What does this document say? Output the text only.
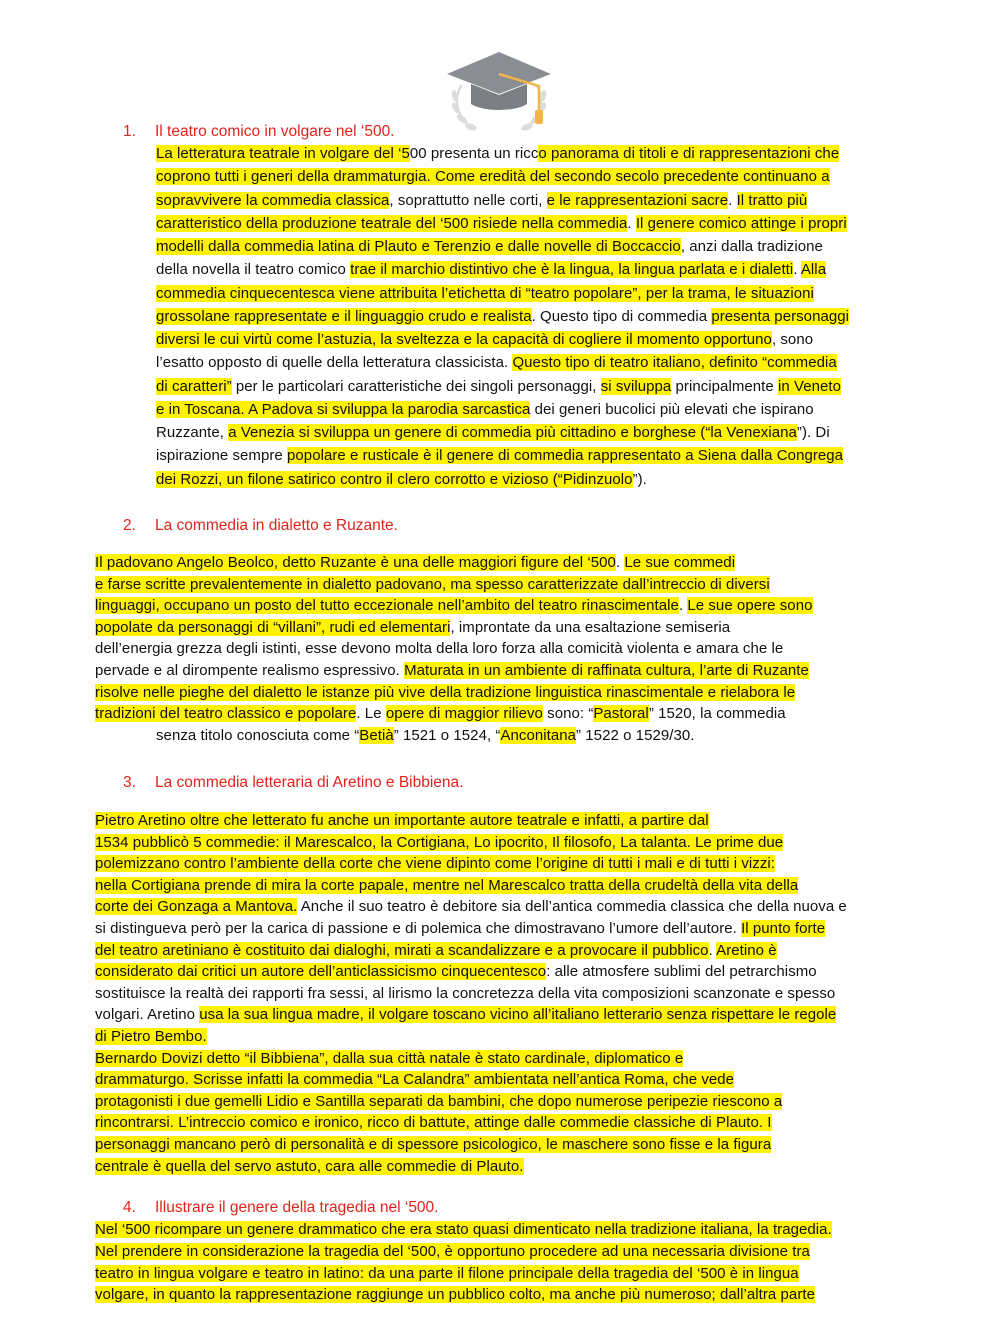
1. Il teatro comico in volgare nel ‘500.
La letteratura teatrale in volgare del ‘500 presenta un ricco panorama di titoli e di rappresentazioni che
coprono tutti i generi della drammaturgia. Come eredità del secondo secolo precedente continuano a
sopravvivere la commedia classica, soprattutto nelle corti, e le rappresentazioni sacre. Il tratto più
caratteristico della produzione teatrale del ‘500 risiede nella commedia. Il genere comico attinge i propri
modelli dalla commedia latina di Plauto e Terenzio e dalle novelle di Boccaccio, anzi dalla tradizione
della novella il teatro comico trae il marchio distintivo che è la lingua, la lingua parlata e i dialetti. Alla
commedia cinquecentesca viene attribuita l’etichetta di “teatro popolare”, per la trama, le situazioni
grossolane rappresentate e il linguaggio crudo e realista. Questo tipo di commedia presenta personaggi
diversi le cui virtù come l’astuzia, la sveltezza e la capacità di cogliere il momento opportuno, sono
l’esatto opposto di quelle della letteratura classicista. Questo tipo di teatro italiano, definito “commedia
di caratteri” per le particolari caratteristiche dei singoli personaggi, si sviluppa principalmente in Veneto
e in Toscana. A Padova si sviluppa la parodia sarcastica dei generi bucolici più elevati che ispirano
Ruzzante, a Venezia si sviluppa un genere di commedia più cittadino e borghese (“la Venexiana”). Di
ispirazione sempre popolare e rusticale è il genere di commedia rappresentato a Siena dalla Congrega
dei Rozzi, un filone satirico contro il clero corrotto e vizioso (“Pidinzuolo”).
2. La commedia in dialetto e Ruzante.
Il padovano Angelo Beolco, detto Ruzante è una delle maggiori figure del ‘500. Le sue commedi
e farse scritte prevalentemente in dialetto padovano, ma spesso caratterizzate dall’intreccio di diversi
linguaggi, occupano un posto del tutto eccezionale nell’ambito del teatro rinascimentale. Le sue opere sono
popolate da personaggi di “villani”, rudi ed elementari, improntate da una esaltazione semiseria
dell’energia grezza degli istinti, esse devono molta della loro forza alla comicità violenta e amara che le
pervade e al dirompente realismo espressivo. Maturata in un ambiente di raffinata cultura, l’arte di Ruzante
risolve nelle pieghe del dialetto le istanze più vive della tradizione linguistica rinascimentale e rielabora le
tradizioni del teatro classico e popolare. Le opere di maggior rilievo sono: “Pastoral” 1520, la commedia
senza titolo conosciuta come “Betià” 1521 o 1524, “Anconitana” 1522 o 1529/30.
3. La commedia letteraria di Aretino e Bibbiena.
Pietro Aretino oltre che letterato fu anche un importante autore teatrale e infatti, a partire dal
1534 pubblicò 5 commedie: il Marescalco, la Cortigiana, Lo ipocrito, Il filosofo, La talanta. Le prime due
polemizzano contro l’ambiente della corte che viene dipinto come l’origine di tutti i mali e di tutti i vizzi:
nella Cortigiana prende di mira la corte papale, mentre nel Marescalco tratta della crudeltà della vita della
corte dei Gonzaga a Mantova. Anche il suo teatro è debitore sia dell’antica commedia classica che della nuova e
si distingueva però per la carica di passione e di polemica che dimostravano l’umore dell’autore. Il punto forte
del teatro aretiniano è costituito dai dialoghi, mirati a scandalizzare e a provocare il pubblico. Aretino è
considerato dai critici un autore dell’anticlassicismo cinquecentesco: alle atmosfere sublimi del petrarchismo
sostituisce la realtà dei rapporti fra sessi, al lirismo la concretezza della vita composizioni scanzonate e spesso
volgari. Aretino usa la sua lingua madre, il volgare toscano vicino all’italiano letterario senza rispettare le regole
di Pietro Bembo.
Bernardo Dovizi detto “il Bibbiena”, dalla sua città natale è stato cardinale, diplomatico e
drammaturgo. Scrisse infatti la commedia “La Calandra” ambientata nell’antica Roma, che vede
protagonisti i due gemelli Lidio e Santilla separati da bambini, che dopo numerose peripezie riescono a
rincontrarsi. L’intreccio comico e ironico, ricco di battute, attinge dalle commedie classiche di Plauto. I
personaggi mancano però di personalità e di spessore psicologico, le maschere sono fisse e la figura
centrale è quella del servo astuto, cara alle commedie di Plauto.
4. Illustrare il genere della tragedia nel ‘500.
Nel ‘500 ricompare un genere drammatico che era stato quasi dimenticato nella tradizione italiana, la tragedia.
Nel prendere in considerazione la tragedia del ‘500, è opportuno procedere ad una necessaria divisione tra
teatro in lingua volgare e teatro in latino: da una parte il filone principale della tragedia del ‘500 è in lingua
volgare, in quanto la rappresentazione raggiunge un pubblico colto, ma anche più numeroso; dall’altra parte
